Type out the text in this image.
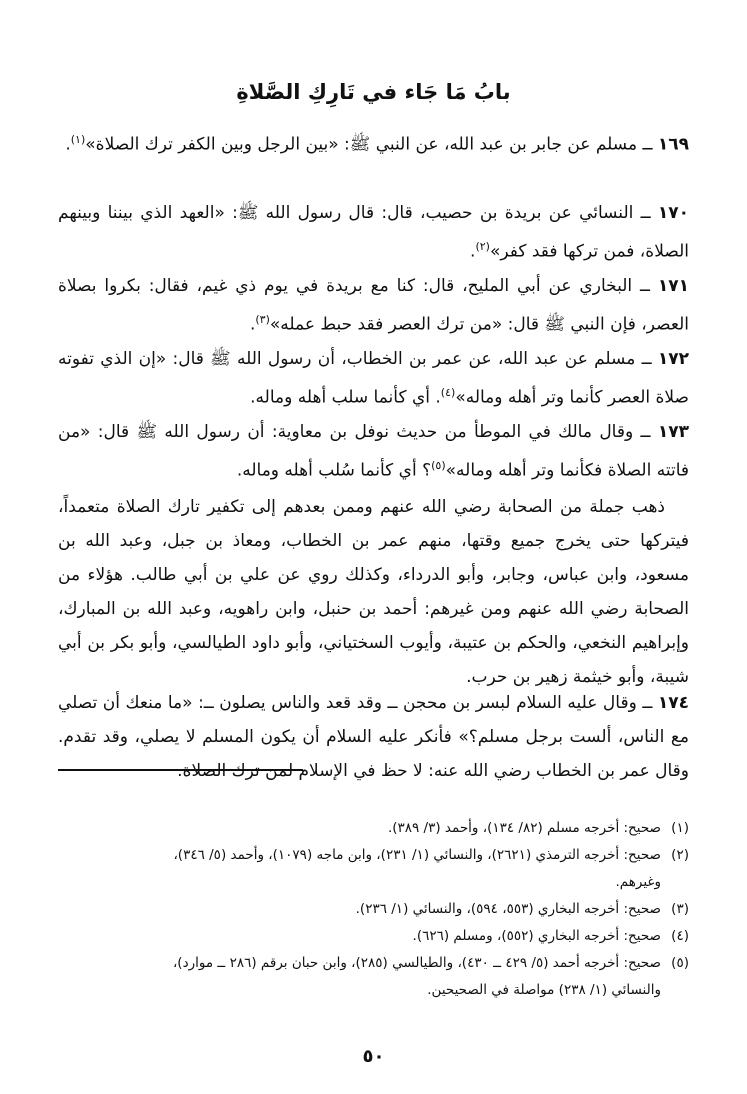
بابُ مَا جَاء في تَارِكِ الصَّلاةِ
١٦٩ ــ مسلم عن جابر بن عبد الله، عن النبي ﷺ: «بين الرجل وبين الكفر ترك الصلاة»$^{(١)}$.
١٧٠ ــ النسائي عن بريدة بن حصيب، قال: قال رسول الله ﷺ: «العهد الذي بيننا وبينهم الصلاة، فمن تركها فقد كفر»$^{(٢)}$.
١٧١ ــ البخاري عن أبي المليح، قال: كنا مع بريدة في يوم ذي غيم، فقال: بكروا بصلاة العصر، فإن النبي ﷺ قال: «من ترك العصر فقد حبط عمله»$^{(٣)}$.
١٧٢ ــ مسلم عن عبد الله، عن عمر بن الخطاب، أن رسول الله ﷺ قال: «إن الذي تفوته صلاة العصر كأنما وتر أهله وماله»$^{(٤)}$. أي كأنما سلب أهله وماله.
١٧٣ ــ وقال مالك في الموطأ من حديث نوفل بن معاوية: أن رسول الله ﷺ قال: «من فاتته الصلاة فكأنما وتر أهله وماله»$^{(٥)}$؟ أي كأنما سُلب أهله وماله.
ذهب جملة من الصحابة رضي الله عنهم وممن بعدهم إلى تكفير تارك الصلاة متعمداً، فيتركها حتى يخرج جميع وقتها، منهم عمر بن الخطاب، ومعاذ بن جبل، وعبد الله بن مسعود، وابن عباس، وجابر، وأبو الدرداء، وكذلك روي عن علي بن أبي طالب. هؤلاء من الصحابة رضي الله عنهم ومن غيرهم: أحمد بن حنبل، وابن راهويه، وعبد الله بن المبارك، وإبراهيم النخعي، والحكم بن عتيبة، وأيوب السختياني، وأبو داود الطيالسي، وأبو بكر بن أبي شيبة، وأبو خيثمة زهير بن حرب.
١٧٤ ــ وقال عليه السلام لبسر بن محجن ــ وقد قعد والناس يصلون ــ: «ما منعك أن تصلي مع الناس، ألست برجل مسلم؟» فأنكر عليه السلام أن يكون المسلم لا يصلي، وقد تقدم. وقال عمر بن الخطاب رضي الله عنه: لا حظ في الإسلام لمن ترك الصلاة.
(١)صحيح: أخرجه مسلم (٨٢/ ١٣٤)، وأحمد (٣/ ٣٨٩).
(٢)صحيح: أخرجه الترمذي (٢٦٢١)، والنسائي (١/ ٢٣١)، وابن ماجه (١٠٧٩)، وأحمد (٥/ ٣٤٦)،
وغيرهم.
(٣)صحيح: أخرجه البخاري (٥٥٣، ٥٩٤)، والنسائي (١/ ٢٣٦).
(٤)صحيح: أخرجه البخاري (٥٥٢)، ومسلم (٦٢٦).
(٥)صحيح: أخرجه أحمد (٥/ ٤٢٩ ــ ٤٣٠)، والطيالسي (٢٨٥)، وابن حبان برقم (٢٨٦ ــ موارد)،
والنسائي (١/ ٢٣٨) مواصلة في الصحيحين.
٥٠
